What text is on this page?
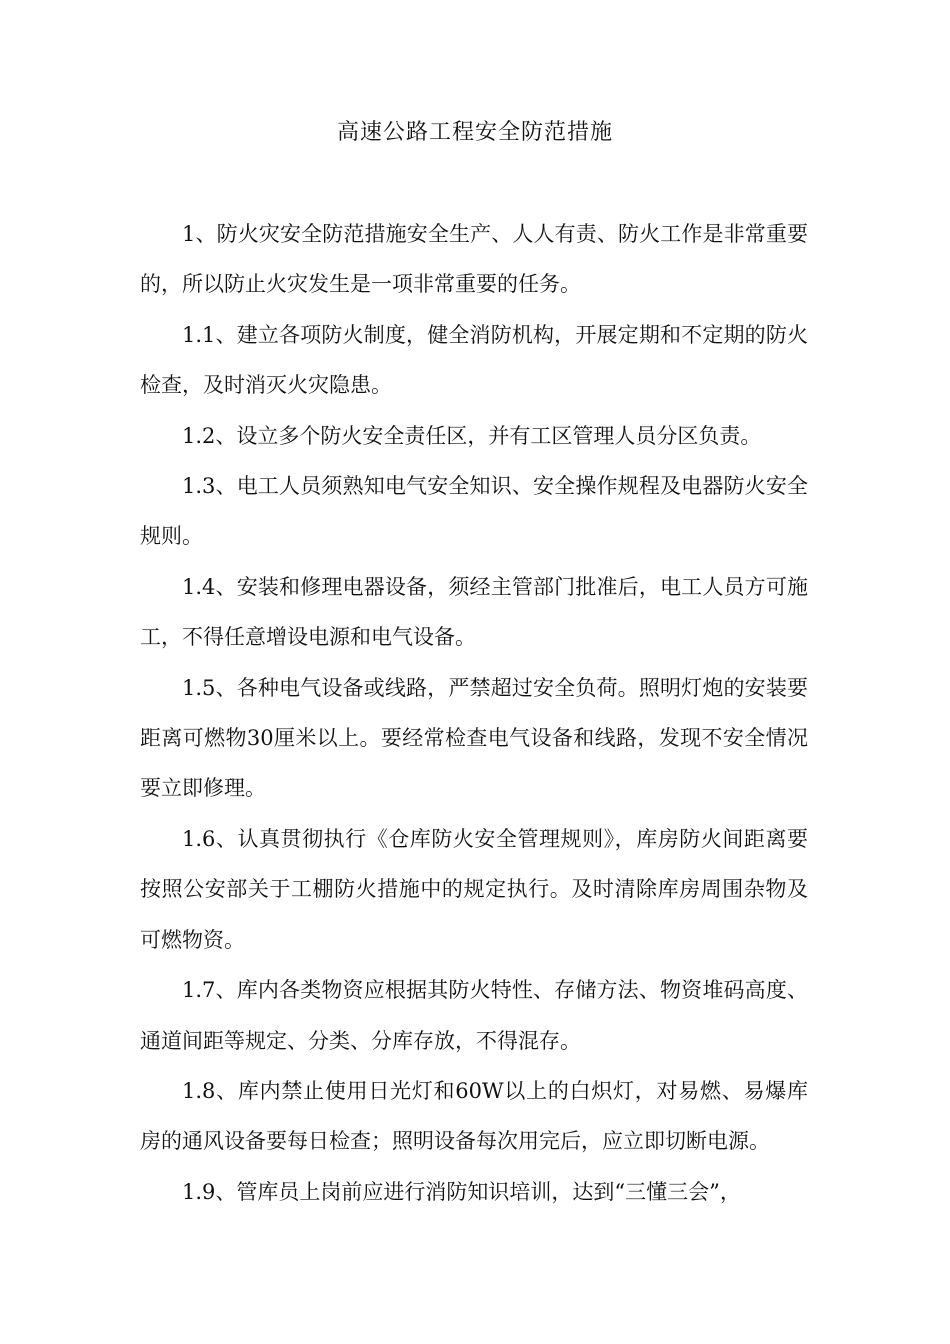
高速公路工程安全防范措施

1、防火灾安全防范措施安全生产、人人有责、防火工作是非常重要的，所以防止火灾发生是一项非常重要的任务。

1.1、建立各项防火制度，健全消防机构，开展定期和不定期的防火检查，及时消灭火灾隐患。

1.2、设立多个防火安全责任区，并有工区管理人员分区负责。

1.3、电工人员须熟知电气安全知识、安全操作规程及电器防火安全规则。

1.4、安装和修理电器设备，须经主管部门批准后，电工人员方可施工，不得任意增设电源和电气设备。

1.5、各种电气设备或线路，严禁超过安全负荷。照明灯炮的安装要距离可燃物30厘米以上。要经常检查电气设备和线路，发现不安全情况要立即修理。

1.6、认真贯彻执行《仓库防火安全管理规则》，库房防火间距离要按照公安部关于工棚防火措施中的规定执行。及时清除库房周围杂物及可燃物资。

1.7、库内各类物资应根据其防火特性、存储方法、物资堆码高度、通道间距等规定、分类、分库存放，不得混存。

1.8、库内禁止使用日光灯和60W以上的白炽灯，对易燃、易爆库房的通风设备要每日检查；照明设备每次用完后，应立即切断电源。

1.9、管库员上岗前应进行消防知识培训，达到“三懂三会”，
